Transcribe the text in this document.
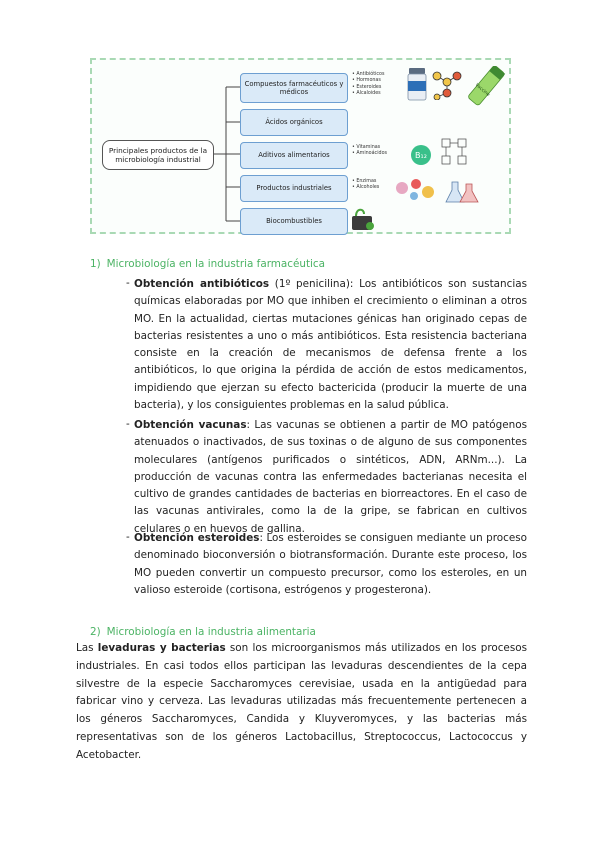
Principales productos de la microbiología industrial
Compuestos farmacéuticos y médicos
Ácidos orgánicos
Aditivos alimentarios
Productos industriales
Biocombustibles
• Antibióticos
• Hormonas
• Esteroides
• Alcaloides
• Vitaminas
• Aminoácidos
• Enzimas
• Alcoholes
Vaccine
B₁₂
1) Microbiología en la industria farmacéutica
- Obtención antibióticos (1º penicilina): Los antibióticos son sustancias químicas elaboradas por MO que inhiben el crecimiento o eliminan a otros MO. En la actualidad, ciertas mutaciones génicas han originado cepas de bacterias resistentes a uno o más antibióticos. Esta resistencia bacteriana consiste en la creación de mecanismos de defensa frente a los antibióticos, lo que origina la pérdida de acción de estos medicamentos, impidiendo que ejerzan su efecto bactericida (producir la muerte de una bacteria), y los consiguientes problemas en la salud pública.
- Obtención vacunas: Las vacunas se obtienen a partir de MO patógenos atenuados o inactivados, de sus toxinas o de alguno de sus componentes moleculares (antígenos purificados o sintéticos, ADN, ARNm...). La producción de vacunas contra las enfermedades bacterianas necesita el cultivo de grandes cantidades de bacterias en biorreactores. En el caso de las vacunas antivirales, como la de la gripe, se fabrican en cultivos celulares o en huevos de gallina.
- Obtención esteroides: Los esteroides se consiguen mediante un proceso denominado bioconversión o biotransformación. Durante este proceso, los MO pueden convertir un compuesto precursor, como los esteroles, en un valioso esteroide (cortisona, estrógenos y progesterona).
2) Microbiología en la industria alimentaria
Las levaduras y bacterias son los microorganismos más utilizados en los procesos industriales. En casi todos ellos participan las levaduras descendientes de la cepa silvestre de la especie Saccharomyces cerevisiae, usada en la antigüedad para fabricar vino y cerveza. Las levaduras utilizadas más frecuentemente pertenecen a los géneros Saccharomyces, Candida y Kluyveromyces, y las bacterias más representativas son de los géneros Lactobacillus, Streptococcus, Lactococcus y Acetobacter.
